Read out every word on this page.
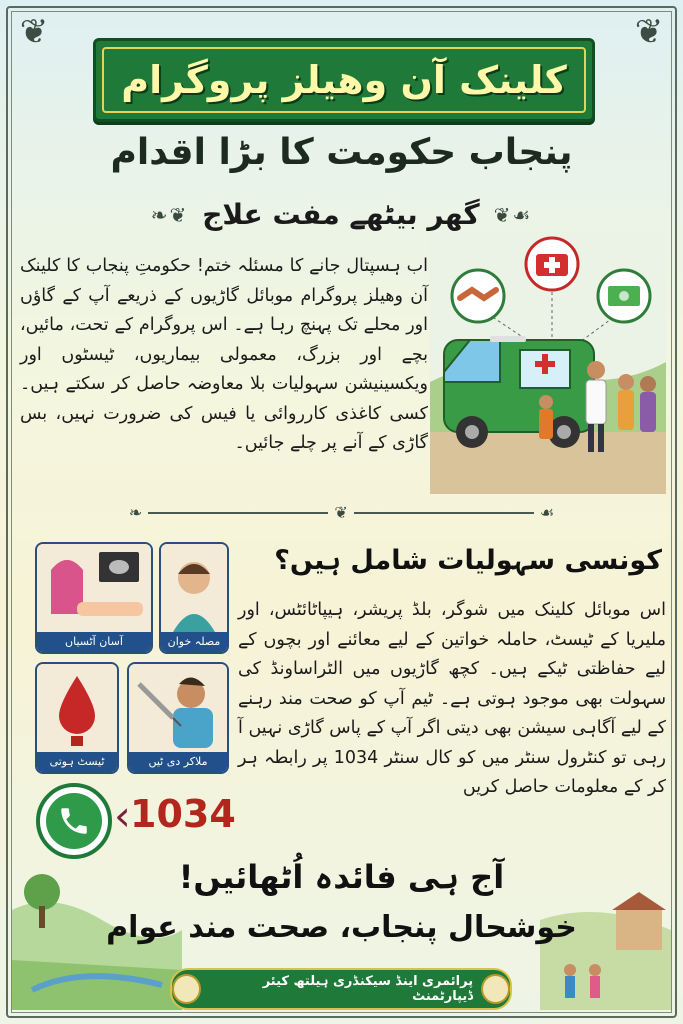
❦	❦
کلینک آن وھیلز پروگرام
پنجاب حکومت کا بڑا اقدام
❧❦ گھر بیٹھے مفت علاج ❦☙
اب ہسپتال جانے کا مسئلہ ختم! حکومتِ پنجاب کا کلینک آن وھیلز پروگرام موبائل گاڑیوں کے ذریعے آپ کے گاؤں اور محلے تک پہنچ رہا ہے۔ اس پروگرام کے تحت، مائیں، بچے اور بزرگ، معمولی بیماریوں، ٹیسٹوں اور ویکسینیشن سہولیات بلا معاوضہ حاصل کر سکتے ہیں۔ کسی کاغذی کارروائی یا فیس کی ضرورت نہیں، بس گاڑی کے آنے پر چلے جائیں۔
❧	❦	☙
کونسی سہولیات شامل ہیں؟
اس موبائل کلینک میں شوگر، بلڈ پریشر، ہیپاٹائٹس، اور ملیریا کے ٹیسٹ، حاملہ خواتین کے لیے معائنے اور بچوں کے لیے حفاظتی ٹیکے ہیں۔ کچھ گاڑیوں میں الٹراساونڈ کی سہولت بھی موجود ہوتی ہے۔ ٹیم آپ کو صحت مند رہنے کے لیے آگاہی سیشن بھی دیتی اگر آپ کے پاس گاڑی نہیں آ رہی تو کنٹرول سنٹر میں کو کال سنٹر 1034 پر رابطہ ہر کر کے معلومات حاصل کریں
آسان آٹسیاں	مصلہ خوان
ٹیسٹ ہوتی	ملاکر دی ٹیں
‹ 1034
آج ہی فائدہ اُٹھائیں!
خوشحال پنجاب، صحت مند عوام
پرائمری اینڈ سیکنڈری ہیلتھ کیئر ڈیپارٹمنٹ
